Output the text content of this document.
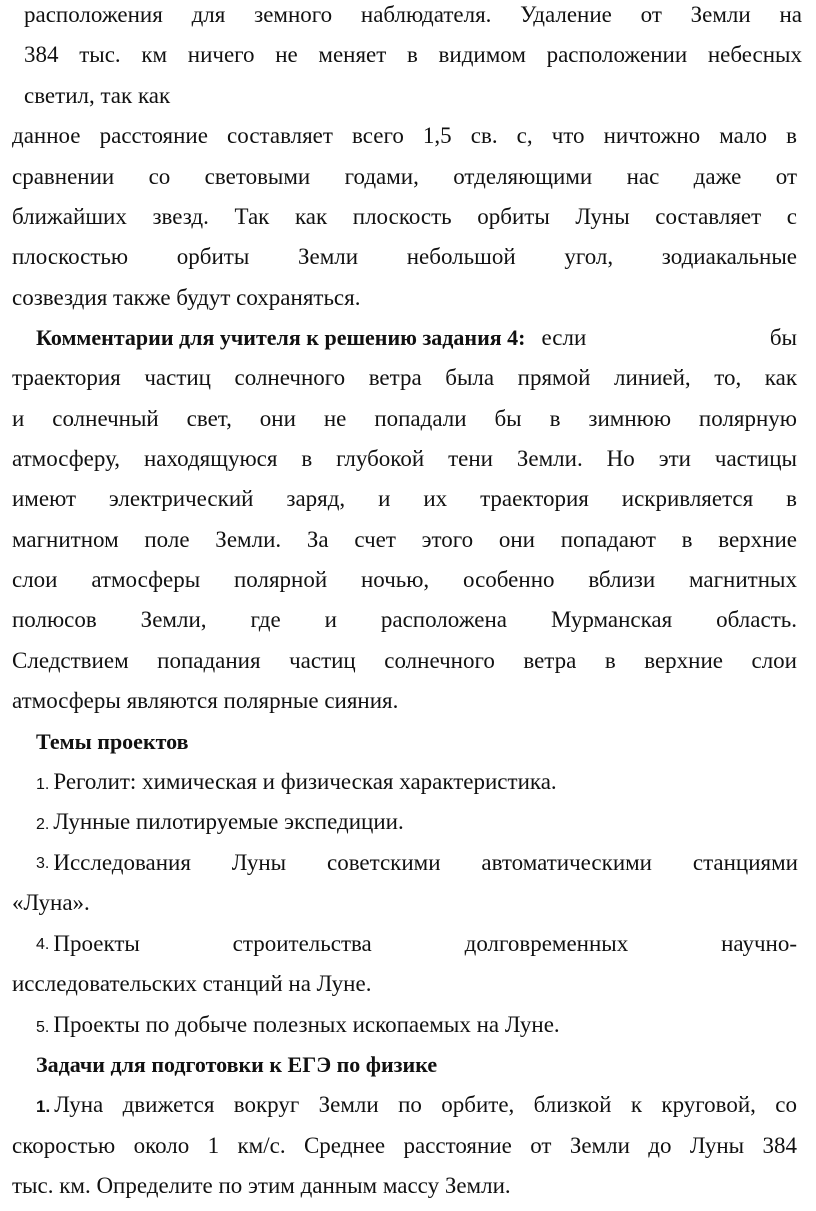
расположения для земного наблюдателя. Удаление от Земли на
384 тыс. км ничего не меняет в видимом расположении небесных
светил, так как
данное расстояние составляет всего 1,5 св. с, что ничтожно мало в
сравнении со световыми годами, отделяющими нас даже от
ближайших звезд. Так как плоскость орбиты Луны составляет с
плоскостью орбиты Земли небольшой угол, зодиакальные
созвездия также будут сохраняться.
Комментарии для учителя к решению задания 4: если бы
траектория частиц солнечного ветра была прямой линией, то, как
и солнечный свет, они не попадали бы в зимнюю полярную
атмосферу, находящуюся в глубокой тени Земли. Но эти частицы
имеют электрический заряд, и их траектория искривляется в
магнитном поле Земли. За счет этого они попадают в верхние
слои атмосферы полярной ночью, особенно вблизи магнитных
полюсов Земли, где и расположена Мурманская область.
Следствием попадания частиц солнечного ветра в верхние слои
атмосферы являются полярные сияния.
Темы проектов
1. Реголит: химическая и физическая характеристика.
2. Лунные пилотируемые экспедиции.
3. Исследования Луны советскими автоматическими станциями
«Луна».
4. Проекты строительства долговременных научно-
исследовательских станций на Луне.
5. Проекты по добыче полезных ископаемых на Луне.
Задачи для подготовки к ЕГЭ по физике
1. Луна движется вокруг Земли по орбите, близкой к круговой, со
скоростью около 1 км/с. Среднее расстояние от Земли до Луны 384
тыс. км. Определите по этим данным массу Земли.
